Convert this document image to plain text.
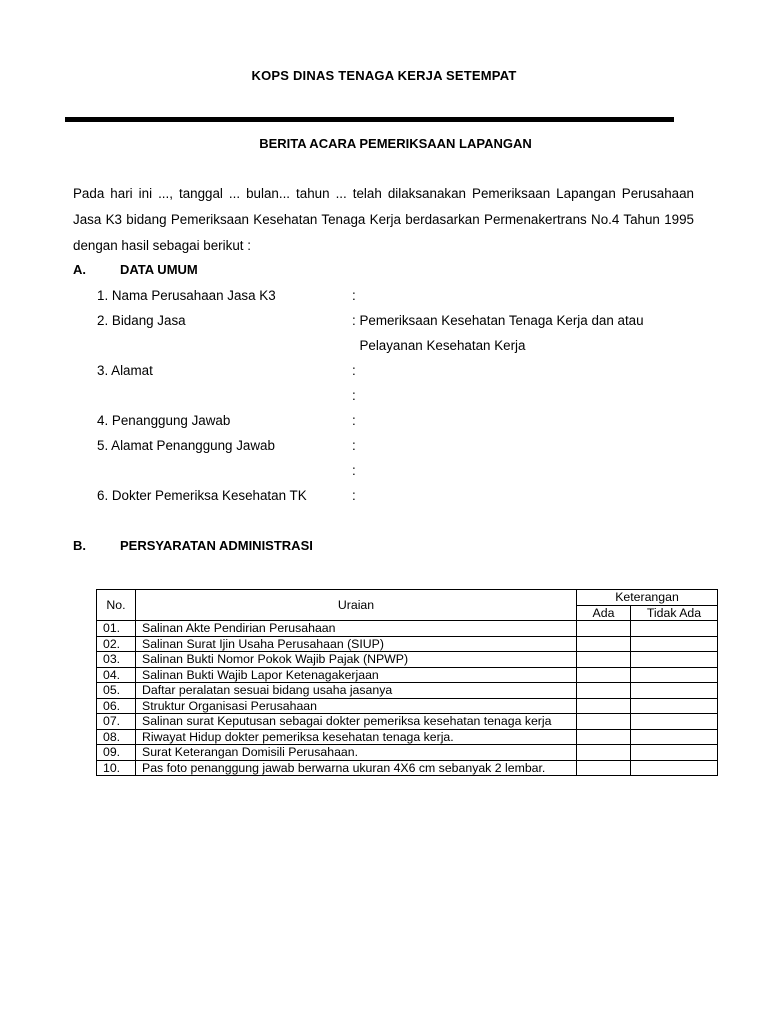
KOPS DINAS TENAGA KERJA SETEMPAT
BERITA ACARA PEMERIKSAAN LAPANGAN

Pada hari ini ..., tanggal ... bulan... tahun ... telah dilaksanakan Pemeriksaan Lapangan Perusahaan Jasa K3 bidang Pemeriksaan Kesehatan Tenaga Kerja berdasarkan Permenakertrans No.4 Tahun 1995 dengan hasil sebagai berikut :

A.	DATA UMUM
1. Nama Perusahaan Jasa K3	:
2. Bidang Jasa	: Pemeriksaan Kesehatan Tenaga Kerja dan atau
Pelayanan Kesehatan Kerja
3. Alamat	:
:
4. Penanggung Jawab	:
5. Alamat Penanggung Jawab	:
:
6. Dokter Pemeriksa Kesehatan TK	:
B.	PERSYARATAN ADMINISTRASI
No.	Uraian	Keterangan	
		Ada	Tidak Ada
01.	Salinan Akte Pendirian Perusahaan		
02.	Salinan Surat Ijin Usaha Perusahaan (SIUP)		
03.	Salinan Bukti Nomor Pokok Wajib Pajak (NPWP)		
04.	Salinan Bukti Wajib Lapor Ketenagakerjaan		
05.	Daftar peralatan sesuai bidang usaha jasanya		
06.	Struktur Organisasi Perusahaan		
07.	Salinan surat Keputusan sebagai dokter pemeriksa kesehatan tenaga kerja		
08.	Riwayat Hidup dokter pemeriksa kesehatan tenaga kerja.		
09.	Surat Keterangan Domisili Perusahaan.		
10.	Pas foto penanggung jawab berwarna ukuran 4X6 cm sebanyak 2 lembar.		
